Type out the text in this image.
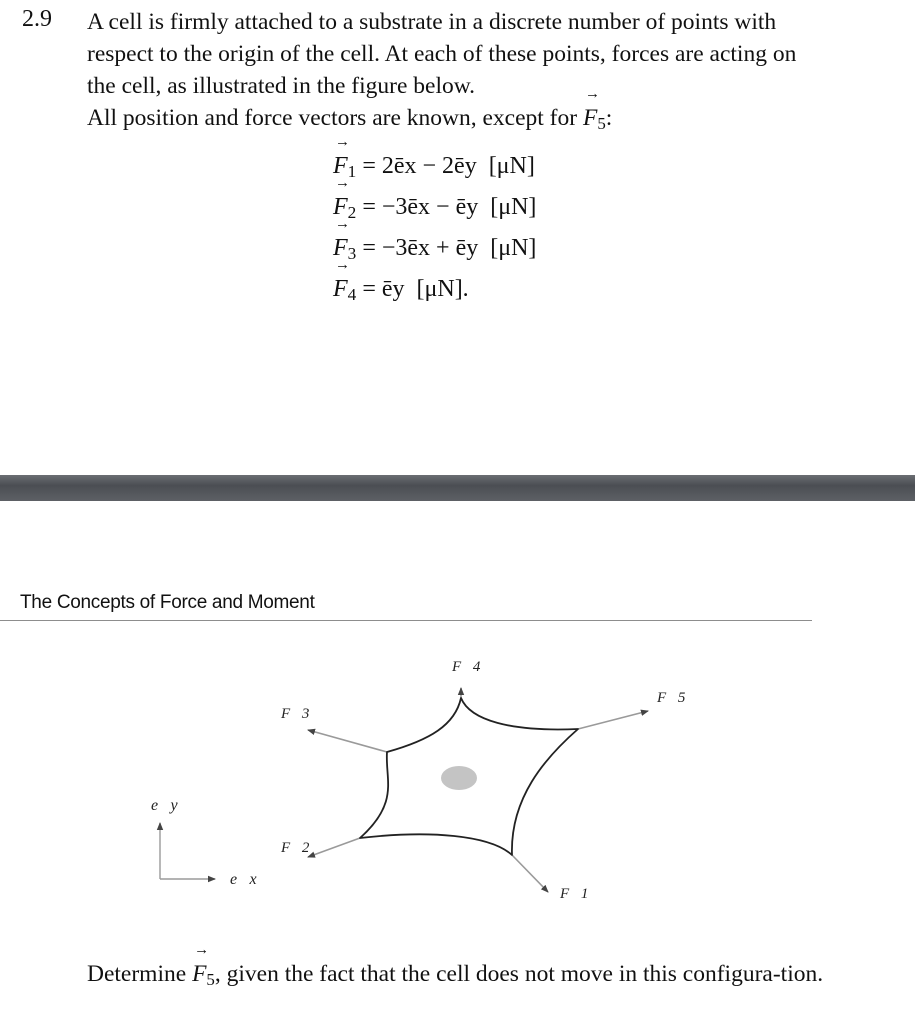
2.9 A cell is firmly attached to a substrate in a discrete number of points with respect to the origin of the cell. At each of these points, forces are acting on the cell, as illustrated in the figure below.

All position and force vectors are known, except for → F5:

→ F1 = 2ēx − 2ēy [μN]
→ F2 = −3ēx − ēy [μN]
→ F3 = −3ēx + ēy [μN]
→ F4 = ēy [μN].
The Concepts of Force and Moment
F⃗1
F⃗2
F⃗3
F⃗4
F⃗5
e⃗y
e⃗x

Determine → F5, given the fact that the cell does not move in this configura-tion.
